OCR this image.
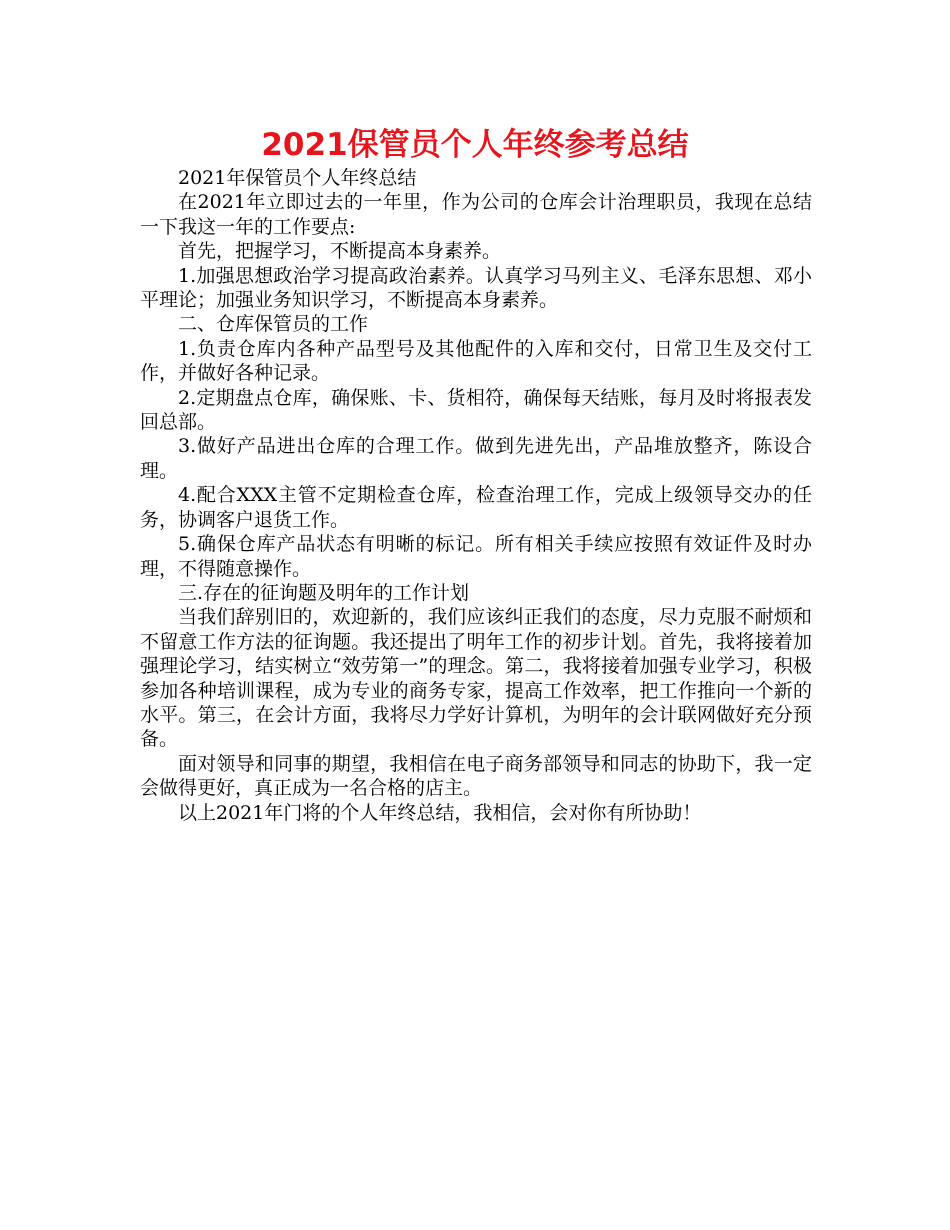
2021保管员个人年终参考总结

2021年保管员个人年终总结

在2021年立即过去的一年里，作为公司的仓库会计治理职员，我现在总结一下我这一年的工作要点:

首先，把握学习，不断提高本身素养。

1.加强思想政治学习提高政治素养。认真学习马列主义、毛泽东思想、邓小平理论；加强业务知识学习，不断提高本身素养。

二、仓库保管员的工作

1.负责仓库内各种产品型号及其他配件的入库和交付，日常卫生及交付工作，并做好各种记录。

2.定期盘点仓库，确保账、卡、货相符，确保每天结账，每月及时将报表发回总部。

3.做好产品进出仓库的合理工作。做到先进先出，产品堆放整齐，陈设合理。

4.配合XXX主管不定期检查仓库，检查治理工作，完成上级领导交办的任务，协调客户退货工作。

5.确保仓库产品状态有明晰的标记。所有相关手续应按照有效证件及时办理，不得随意操作。

三.存在的征询题及明年的工作计划

当我们辞别旧的，欢迎新的，我们应该纠正我们的态度，尽力克服不耐烦和不留意工作方法的征询题。我还提出了明年工作的初步计划。首先，我将接着加强理论学习，结实树立“效劳第一”的理念。第二，我将接着加强专业学习，积极参加各种培训课程，成为专业的商务专家，提高工作效率，把工作推向一个新的水平。第三，在会计方面，我将尽力学好计算机，为明年的会计联网做好充分预备。

面对领导和同事的期望，我相信在电子商务部领导和同志的协助下，我一定会做得更好，真正成为一名合格的店主。

以上2021年门将的个人年终总结，我相信，会对你有所协助！
